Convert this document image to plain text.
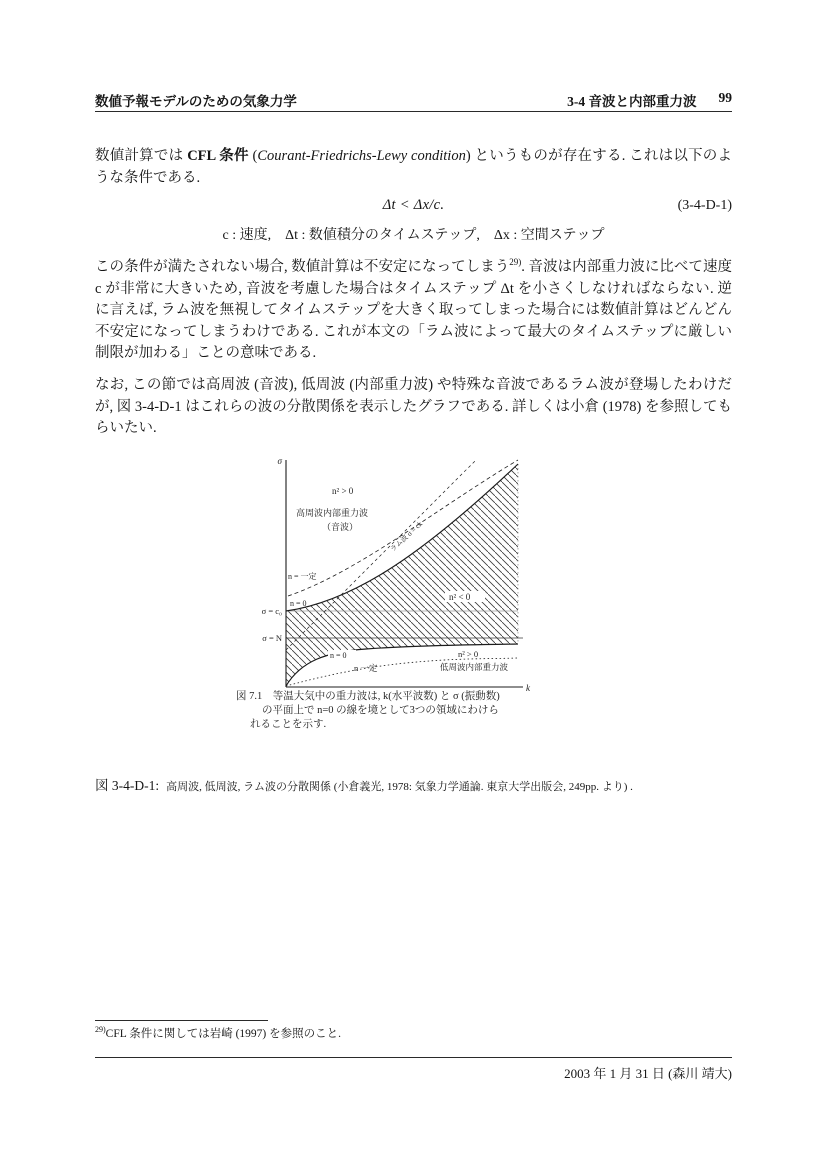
数値予報モデルのための気象力学	3-4 音波と内部重力波 99
数値計算では CFL 条件 (Courant-Friedrichs-Lewy condition) というものが存在する. これは以下のような条件である.
Δt < Δx/c.	(3-4-D-1)
c : 速度,　Δt : 数値積分のタイムステップ,　Δx : 空間ステップ
この条件が満たされない場合, 数値計算は不安定になってしまう$^{29)}$. 音波は内部重力波に比べて速度 c が非常に大きいため, 音波を考慮した場合はタイムステップ Δt を小さくしなければならない. 逆に言えば, ラム波を無視してタイムステップを大きく取ってしまった場合には数値計算はどんどん不安定になってしまうわけである. これが本文の「ラム波によって最大のタイムステップに厳しい制限が加わる」ことの意味である.
なお, この節では高周波 (音波), 低周波 (内部重力波) や特殊な音波であるラム波が登場したわけだが, 図 3-4-D-1 はこれらの波の分散関係を表示したグラフである. 詳しくは小倉 (1978) を参照してもらいたい.
σ
k
n² > 0
高周波内部重力波
（音波）
n = 一定
n = 0
σ = c₀
σ = N
ラム波 σ = ck
n² < 0
n = 0	n² > 0
低周波内部重力波
n 一定
図 7.1　等温大気中の重力波は, k(水平波数) と σ (振動数)
の平面上で n=0 の線を境として3つの領域にわけら
れることを示す.
図 3-4-D-1: 高周波, 低周波, ラム波の分散関係 (小倉義光, 1978: 気象力学通論. 東京大学出版会, 249pp. より) .
$^{29)}$CFL 条件に関しては岩崎 (1997) を参照のこと.
2003 年 1 月 31 日 (森川 靖大)
